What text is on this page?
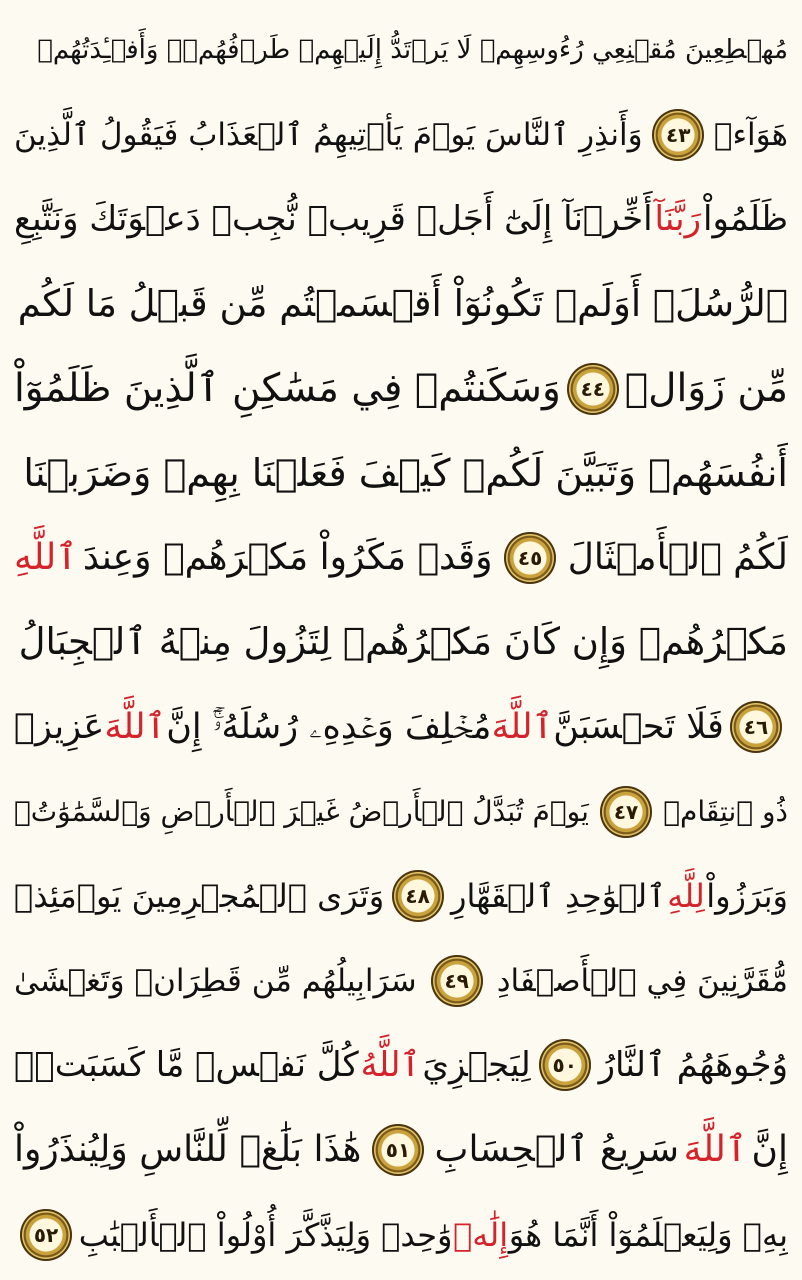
مُهۡطِعِينَ مُقۡنِعِي رُءُوسِهِمۡ لَا يَرۡتَدُّ إِلَيۡهِمۡ طَرۡفُهُمۡۖ وَأَفۡـِٔدَتُهُمۡ
هَوَآءٞ
٤٣
وَأَنذِرِ ٱلنَّاسَ يَوۡمَ يَأۡتِيهِمُ ٱلۡعَذَابُ فَيَقُولُ ٱلَّذِينَ
ظَلَمُواْ
رَبَّنَآ
أَخِّرۡنَآ إِلَىٰٓ أَجَلٖ قَرِيبٖ نُّجِبۡ دَعۡوَتَكَ وَنَتَّبِعِ
ٱلرُّسُلَۗ أَوَلَمۡ تَكُونُوٓاْ أَقۡسَمۡتُم مِّن قَبۡلُ مَا لَكُم
مِّن زَوَالٖ
٤٤
وَسَكَنتُمۡ فِي مَسَٰكِنِ ٱلَّذِينَ ظَلَمُوٓاْ
أَنفُسَهُمۡ وَتَبَيَّنَ لَكُمۡ كَيۡفَ فَعَلۡنَا بِهِمۡ وَضَرَبۡنَا
لَكُمُ ٱلۡأَمۡثَالَ
٤٥
وَقَدۡ مَكَرُواْ مَكۡرَهُمۡ وَعِندَ
ٱللَّهِ
مَكۡرُهُمۡ وَإِن كَانَ مَكۡرُهُمۡ لِتَزُولَ مِنۡهُ ٱلۡجِبَالُ
٤٦
فَلَا تَحۡسَبَنَّ
ٱللَّهَ
مُخۡلِفَ وَعۡدِهِۦ رُسُلَهُۥٓۚ إِنَّ
ٱللَّهَ
عَزِيزٞ
ذُو ٱنتِقَامٖ
٤٧
يَوۡمَ تُبَدَّلُ ٱلۡأَرۡضُ غَيۡرَ ٱلۡأَرۡضِ وَٱلسَّمَٰوَٰتُۖ
وَبَرَزُواْ
لِلَّهِ
ٱلۡوَٰحِدِ ٱلۡقَهَّارِ
٤٨
وَتَرَى ٱلۡمُجۡرِمِينَ يَوۡمَئِذٖ
مُّقَرَّنِينَ فِي ٱلۡأَصۡفَادِ
٤٩
سَرَابِيلُهُم مِّن قَطِرَانٖ وَتَغۡشَىٰ
وُجُوهَهُمُ ٱلنَّارُ
٥٠
لِيَجۡزِيَ
ٱللَّهُ
كُلَّ نَفۡسٖ مَّا كَسَبَتۡۚ
إِنَّ
ٱللَّهَ
سَرِيعُ ٱلۡحِسَابِ
٥١
هَٰذَا بَلَٰغٞ لِّلنَّاسِ وَلِيُنذَرُواْ
بِهِۦ وَلِيَعۡلَمُوٓاْ أَنَّمَا هُوَ
إِلَٰهٞ
وَٰحِدٞ وَلِيَذَّكَّرَ أُوْلُواْ ٱلۡأَلۡبَٰبِ
٥٢
